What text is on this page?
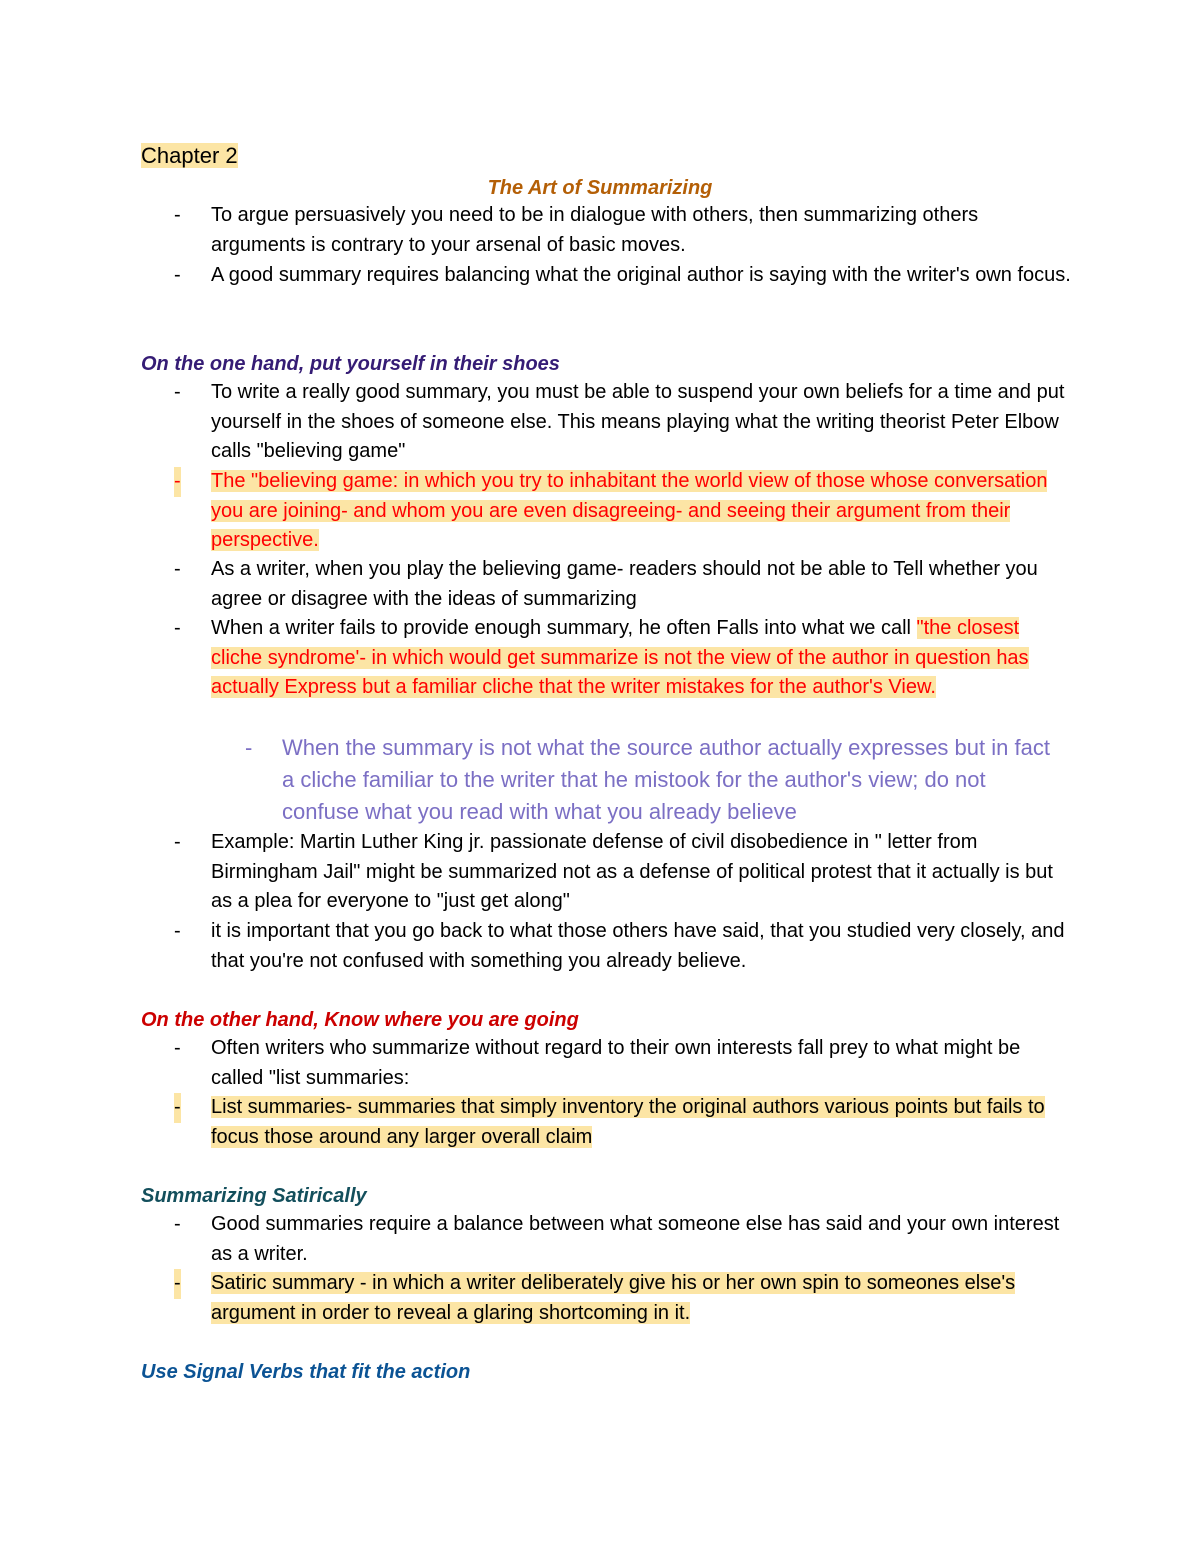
Chapter 2
The Art of Summarizing
- To argue persuasively you need to be in dialogue with others, then summarizing others arguments is contrary to your arsenal of basic moves.
- A good summary requires balancing what the original author is saying with the writer's own focus.
On the one hand, put yourself in their shoes
- To write a really good summary, you must be able to suspend your own beliefs for a time and put yourself in the shoes of someone else. This means playing what the writing theorist Peter Elbow calls "believing game"
- The "believing game: in which you try to inhabitant the world view of those whose conversation you are joining- and whom you are even disagreeing- and seeing their argument from their perspective.
- As a writer, when you play the believing game- readers should not be able to Tell whether you agree or disagree with the ideas of summarizing
- When a writer fails to provide enough summary, he often Falls into what we call "the closest cliche syndrome'- in which would get summarize is not the view of the author in question has actually Express but a familiar cliche that the writer mistakes for the author's View.
- When the summary is not what the source author actually expresses but in fact a cliche familiar to the writer that he mistook for the author's view; do not confuse what you read with what you already believe
- Example: Martin Luther King jr. passionate defense of civil disobedience in " letter from Birmingham Jail" might be summarized not as a defense of political protest that it actually is but as a plea for everyone to "just get along"
- it is important that you go back to what those others have said, that you studied very closely, and that you're not confused with something you already believe.
On the other hand, Know where you are going
- Often writers who summarize without regard to their own interests fall prey to what might be called "list summaries:
- List summaries- summaries that simply inventory the original authors various points but fails to focus those around any larger overall claim
Summarizing Satirically
- Good summaries require a balance between what someone else has said and your own interest as a writer.
- Satiric summary - in which a writer deliberately give his or her own spin to someones else's argument in order to reveal a glaring shortcoming in it.
Use Signal Verbs that fit the action
